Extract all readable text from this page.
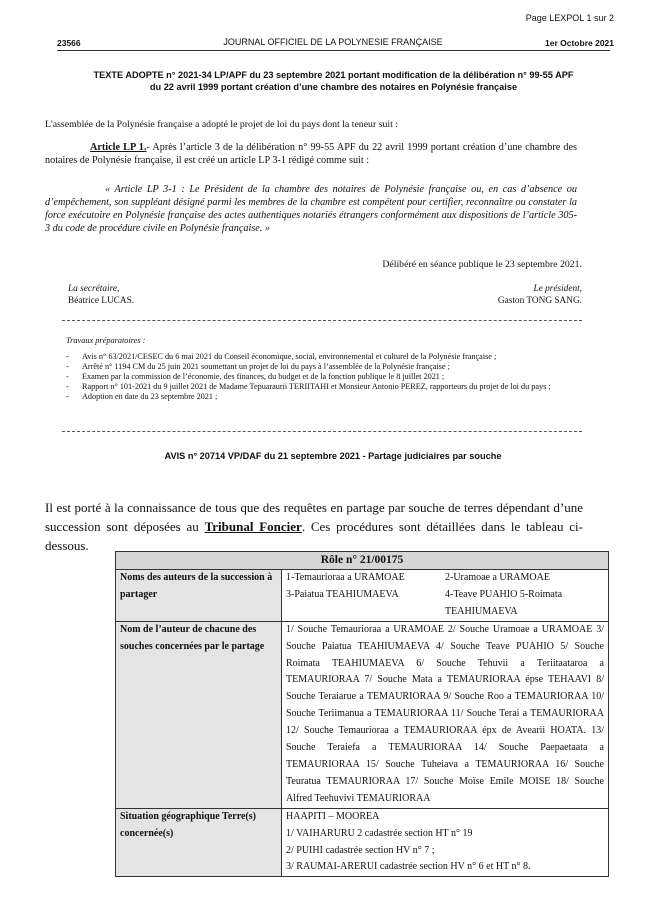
Page LEXPOL 1 sur 2
23566	JOURNAL OFFICIEL DE LA POLYNESIE FRANÇAISE	1er Octobre 2021
TEXTE ADOPTE n° 2021-34 LP/APF du 23 septembre 2021 portant modification de la délibération n° 99-55 APF
du 22 avril 1999 portant création d’une chambre des notaires en Polynésie française
L'assemblée de la Polynésie française a adopté le projet de loi du pays dont la teneur suit :
Article LP 1.- Après l’article 3 de la délibération n° 99-55 APF du 22 avril 1999 portant création d’une chambre des notaires de Polynésie française, il est créé un article LP 3-1 rédigé comme suit :
« Article LP 3-1 : Le Président de la chambre des notaires de Polynésie française ou, en cas d’absence ou d’empêchement, son suppléant désigné parmi les membres de la chambre est compétent pour certifier, reconnaître ou constater la force exécutoire en Polynésie française des actes authentiques notariés étrangers conformément aux dispositions de l’article 305-3 du code de procédure civile en Polynésie française. »
Délibéré en séance publique le 23 septembre 2021.
La secrétaire,
Béatrice LUCAS.
Le président,
Gaston TONG SANG.
Travaux préparatoires :
- Avis n° 63/2021/CESEC du 6 mai 2021 du Conseil économique, social, environnemental et culturel de la Polynésie française ;
- Arrêté n° 1194 CM du 25 juin 2021 soumettant un projet de loi du pays à l’assemblée de la Polynésie française ;
- Examen par la commission de l’économie, des finances, du budget et de la fonction publique le 8 juillet 2021 ;
- Rapport n° 101-2021 du 9 juillet 2021 de Madame Tepuaraurii TERIITAHI et Monsieur Antonio PEREZ, rapporteurs du projet de loi du pays ;
- Adoption en date du 23 septembre 2021 ;
AVIS n° 20714 VP/DAF du 21 septembre 2021 - Partage judiciaires par souche
Il est porté à la connaissance de tous que des requêtes en partage par souche de terres dépendant d’une succession sont déposées au Tribunal Foncier. Ces procédures sont détaillées dans le tableau ci-dessous.
Rôle n° 21/00175	
Noms des auteurs de la succession à partager	1-Temaurioraa a URAMOAE 2-Uramoae a URAMOAE
3-Paiatua TEAHIUMAEVA 4-Teave PUAHIO 5-Roimata TEAHIUMAEVA

Nom de l’auteur de chacune des souches concernées par le partage	1/ Souche Temaurioraa a URAMOAE 2/ Souche Uramoae a URAMOAE 3/ Souche Paiatua TEAHIUMAEVA 4/ Souche Teave PUAHIO 5/ Souche Roimata TEAHIUMAEVA 6/ Souche Tehuvii a Teriitaataroa a TEMAURIORAA 7/ Souche Mata a TEMAURIORAA épse TEHAAVI 8/ Souche Teraiarue a TEMAURIORAA 9/ Souche Roo a TEMAURIORAA 10/ Souche Teriimanua a TEMAURIORAA 11/ Souche Terai a TEMAURIORAA 12/ Souche Temaurioraa a TEMAURIORAA épx de Avearii HOATA. 13/ Souche Teraiefa a TEMAURIORAA 14/ Souche Paepaetaata a TEMAURIORAA 15/ Souche Tuheiava a TEMAURIORAA 16/ Souche Teuratua TEMAURIORAA 17/ Souche Moïse Emile MOISE 18/ Souche Alfred Teehuvivi TEMAURIORAA
Situation géographique Terre(s) concernée(s)	HAAPITI – MOOREA
1/ VAIHARURU 2 cadastrée section HT n° 19
2/ PUIHI cadastrée section HV n° 7 ;
3/ RAUMAI-ARERUI cadastrée section HV n° 6 et HT n° 8.
